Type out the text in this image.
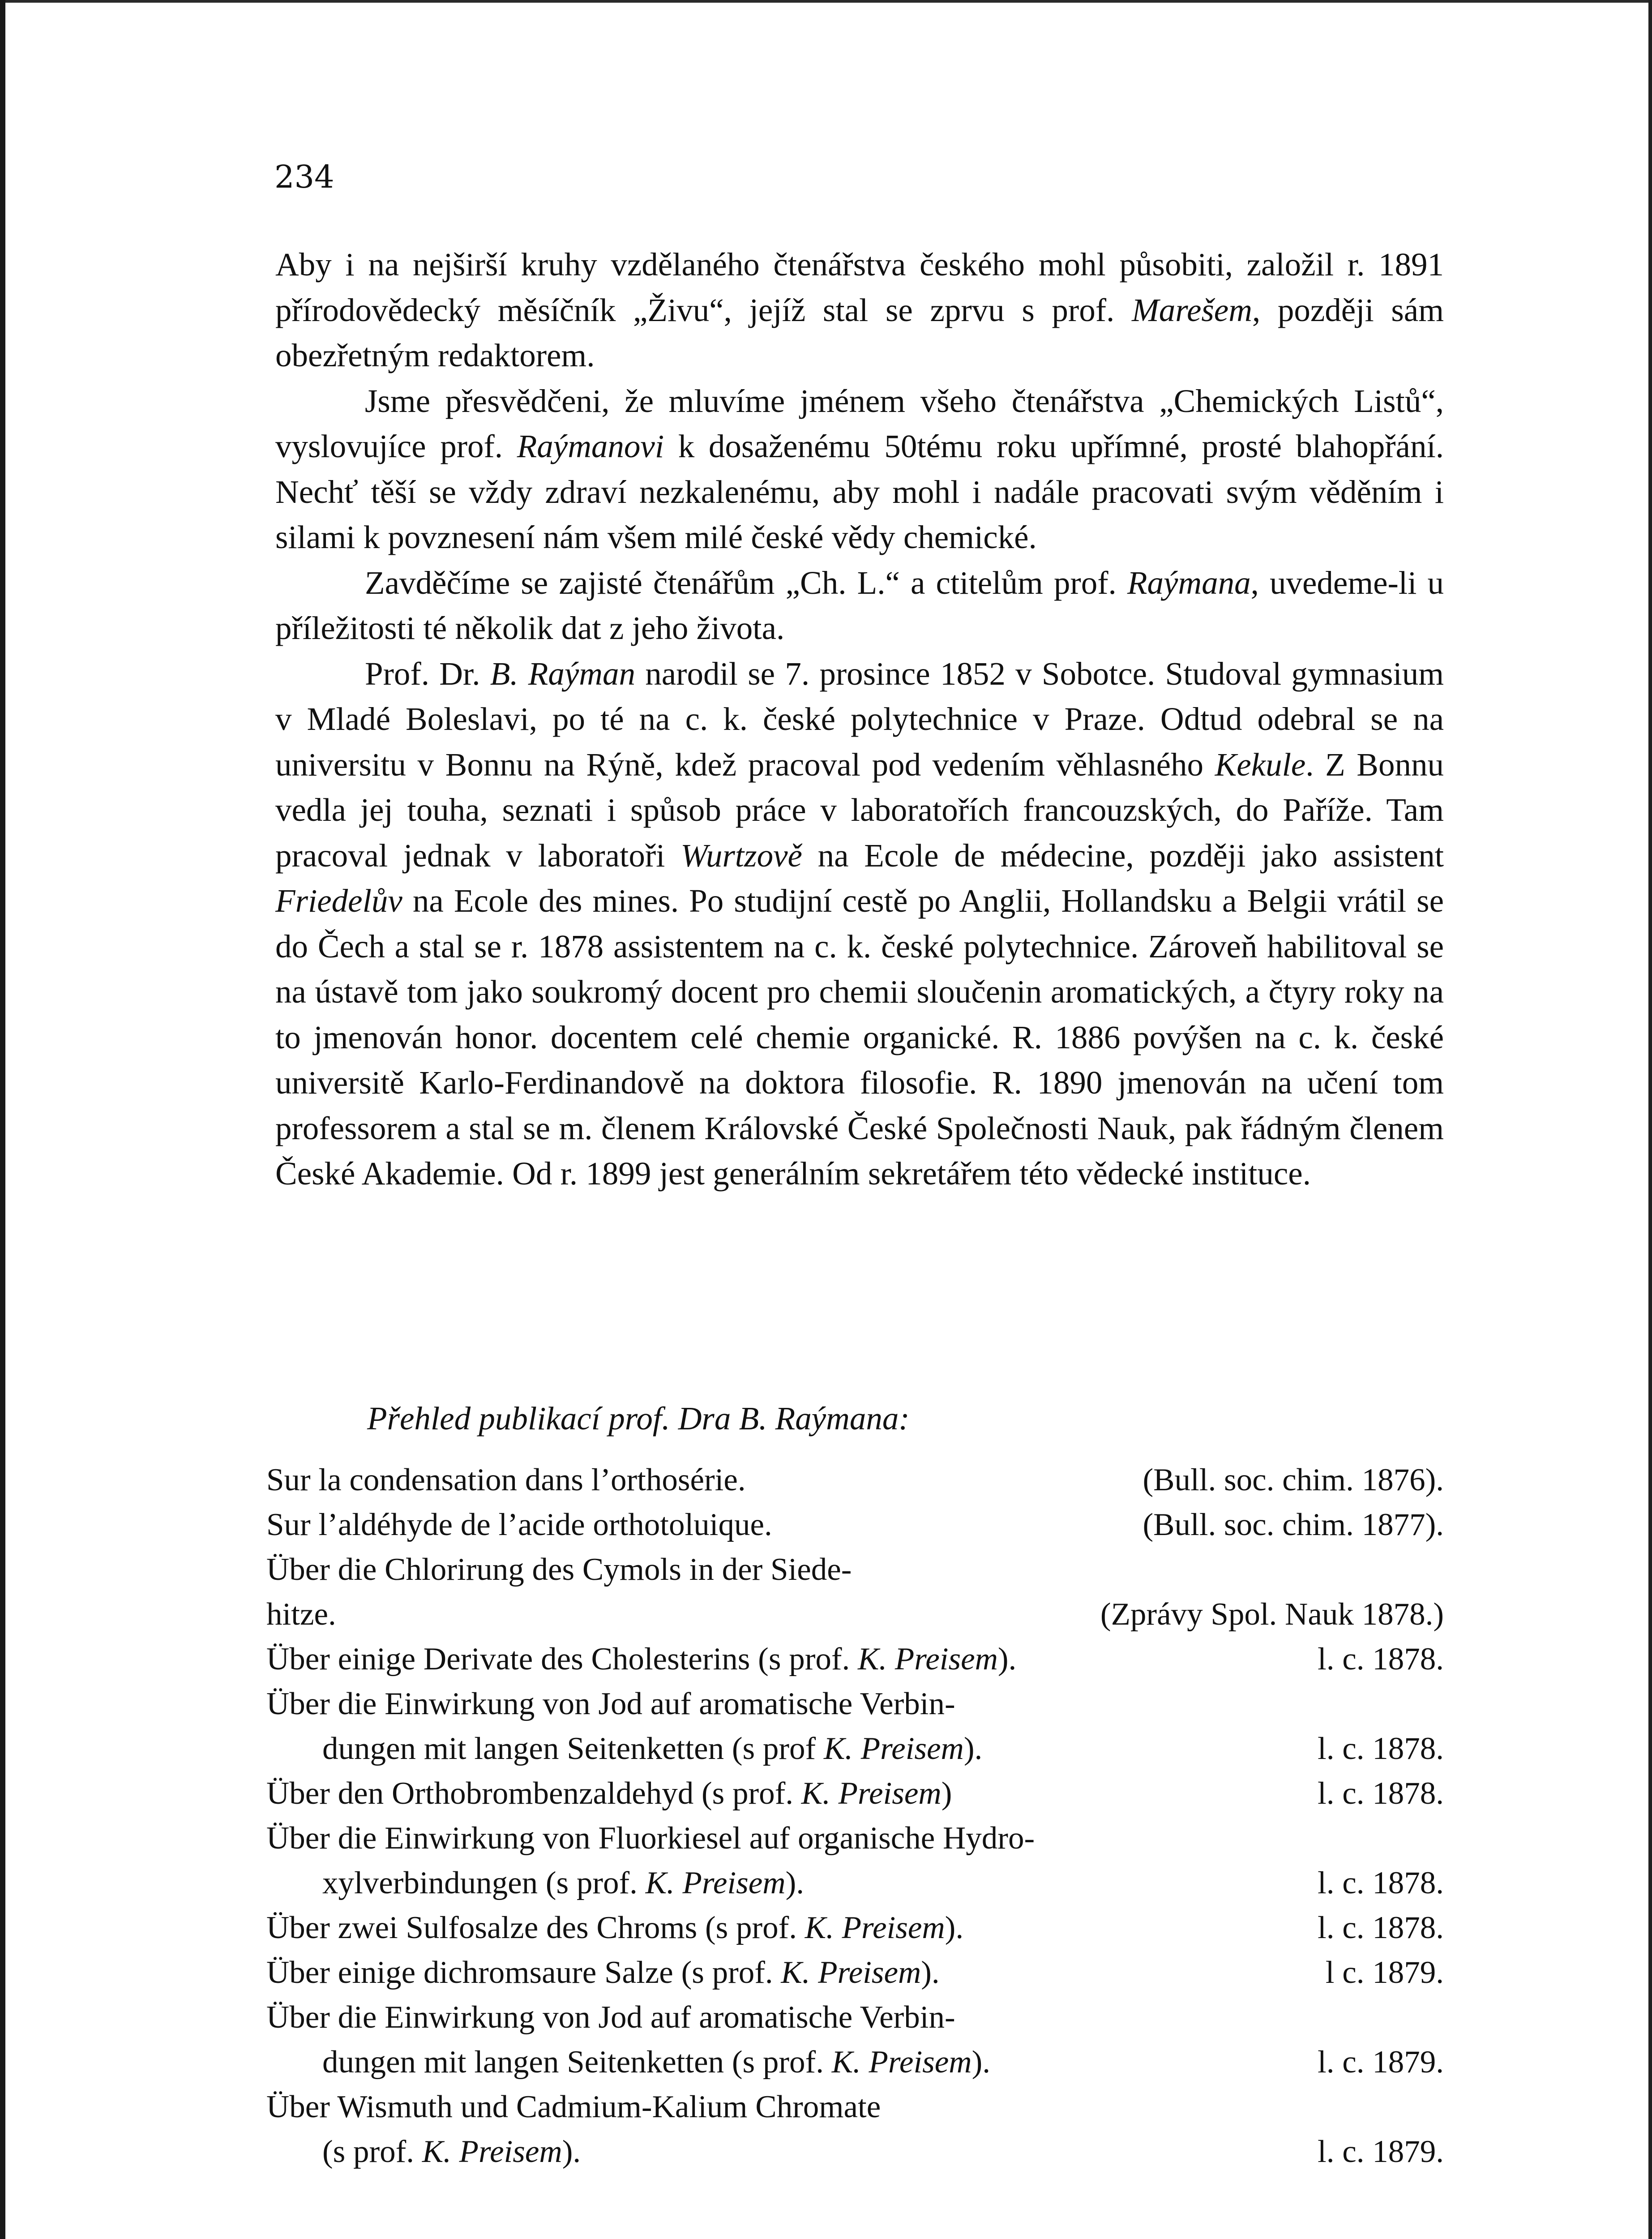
234

Aby i na nejširší kruhy vzdělaného čtenářstva českého mohl působiti, založil r. 1891 přírodovědecký měsíčník „Živu“, jejíž stal se zprvu s prof. Marešem, později sám obezřetným redaktorem.

Jsme přesvědčeni, že mluvíme jménem všeho čtenářstva „Chemických Listů“, vyslovujíce prof. Raýmanovi k dosaženému 50tému roku upřímné, prosté blahopřání. Nechť těší se vždy zdraví nezkalenému, aby mohl i nadále pracovati svým věděním i silami k povznesení nám všem milé české vědy chemické.

Zavděčíme se zajisté čtenářům „Ch. L.“ a ctitelům prof. Raýmana, uvedeme-li u příležitosti té několik dat z jeho života.

Prof. Dr. B. Raýman narodil se 7. prosince 1852 v Sobotce. Studoval gymnasium v Mladé Boleslavi, po té na c. k. české polytechnice v Praze. Odtud odebral se na universitu v Bonnu na Rýně, kdež pracoval pod vedením věhlasného Kekule. Z Bonnu vedla jej touha, seznati i spůsob práce v laboratořích francouzských, do Paříže. Tam pracoval jednak v laboratoři Wurtzově na Ecole de médecine, později jako assistent Friedelův na Ecole des mines. Po studijní cestě po Anglii, Hollandsku a Belgii vrátil se do Čech a stal se r. 1878 assistentem na c. k. české polytechnice. Zároveň habilitoval se na ústavě tom jako soukromý docent pro chemii sloučenin aromatických, a čtyry roky na to jmenován honor. docentem celé chemie organické. R. 1886 povýšen na c. k. české universitě Karlo-Ferdinandově na doktora filosofie. R. 1890 jmenován na učení tom professorem a stal se m. členem Královské České Společnosti Nauk, pak řádným členem České Akademie. Od r. 1899 jest generálním sekretářem této vědecké instituce.

Přehled publikací prof. Dra B. Raýmana:
Sur la condensation dans l’orthosérie.	(Bull. soc. chim. 1876).
Sur l’aldéhyde de l’acide orthotoluique.	(Bull. soc. chim. 1877).
Über die Chlorirung des Cymols in der Siede-
hitze.	(Zprávy Spol. Nauk 1878.)
Über einige Derivate des Cholesterins (s prof. K. Preisem).	l. c. 1878.
Über die Einwirkung von Jod auf aromatische Verbin-
dungen mit langen Seitenketten (s prof K. Preisem).	l. c. 1878.
Über den Orthobrombenzaldehyd (s prof. K. Preisem)	l. c. 1878.
Über die Einwirkung von Fluorkiesel auf organische Hydro-
xylverbindungen (s prof. K. Preisem).	l. c. 1878.
Über zwei Sulfosalze des Chroms (s prof. K. Preisem).	l. c. 1878.
Über einige dichromsaure Salze (s prof. K. Preisem).	l c. 1879.
Über die Einwirkung von Jod auf aromatische Verbin-
dungen mit langen Seitenketten (s prof. K. Preisem).	l. c. 1879.
Über Wismuth und Cadmium-Kalium Chromate
(s prof. K. Preisem).	l. c. 1879.
